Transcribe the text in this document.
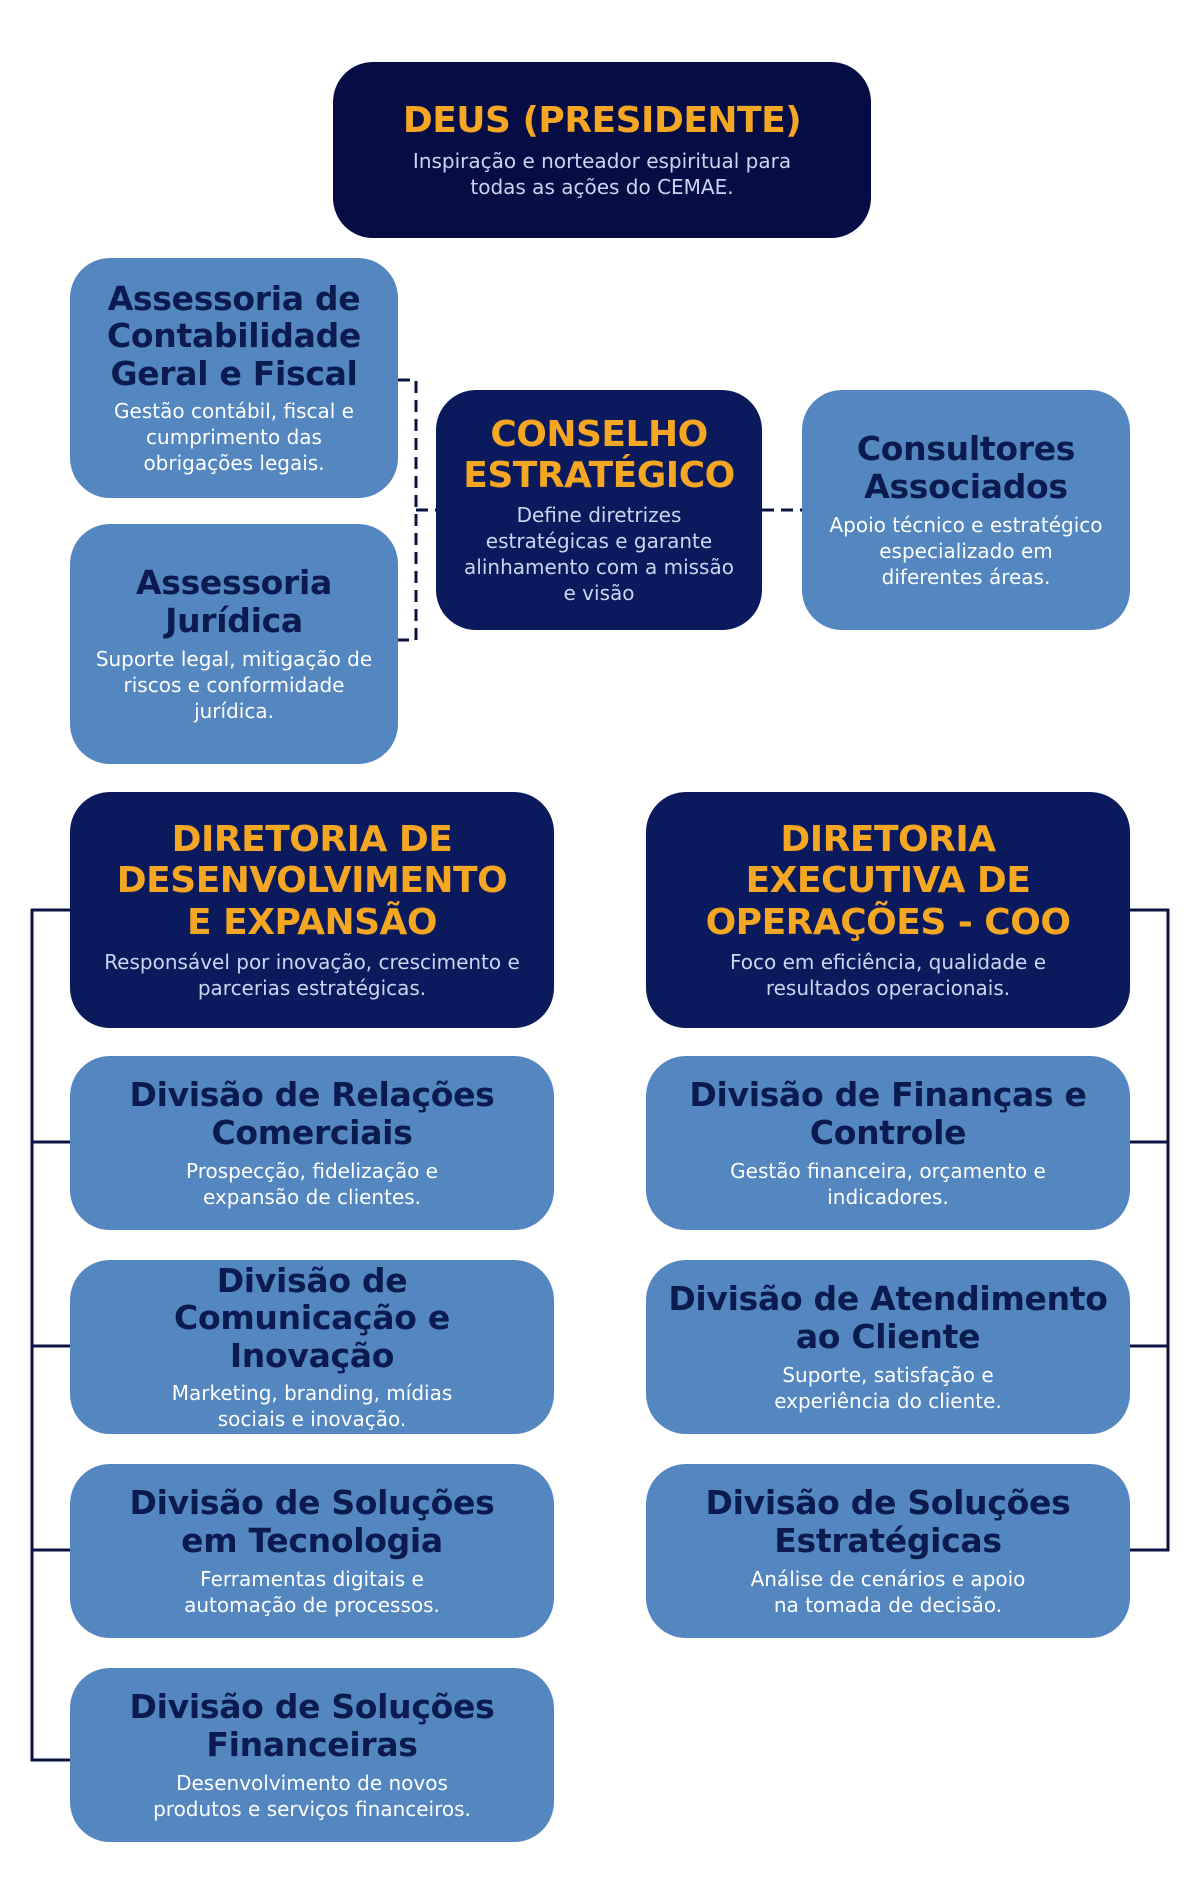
DEUS (PRESIDENTE)
Inspiração e norteador espiritual para todas as ações do CEMAE.
Assessoria de Contabilidade Geral e Fiscal
Gestão contábil, fiscal e cumprimento das obrigações legais.
Assessoria Jurídica
Suporte legal, mitigação de riscos e conformidade jurídica.
CONSELHO ESTRATÉGICO
Define diretrizes estratégicas e garante alinhamento com a missão e visão
Consultores Associados
Apoio técnico e estratégico especializado em diferentes áreas.
DIRETORIA DE DESENVOLVIMENTO E EXPANSÃO
Responsável por inovação, crescimento e parcerias estratégicas.
DIRETORIA EXECUTIVA DE OPERAÇÕES - COO
Foco em eficiência, qualidade e resultados operacionais.
Divisão de Relações Comerciais
Prospecção, fidelização e expansão de clientes.
Divisão de Comunicação e Inovação
Marketing, branding, mídias sociais e inovação.
Divisão de Soluções em Tecnologia
Ferramentas digitais e automação de processos.
Divisão de Soluções Financeiras
Desenvolvimento de novos produtos e serviços financeiros.
Divisão de Finanças e Controle
Gestão financeira, orçamento e indicadores.
Divisão de Atendimento ao Cliente
Suporte, satisfação e experiência do cliente.
Divisão de Soluções Estratégicas
Análise de cenários e apoio na tomada de decisão.
